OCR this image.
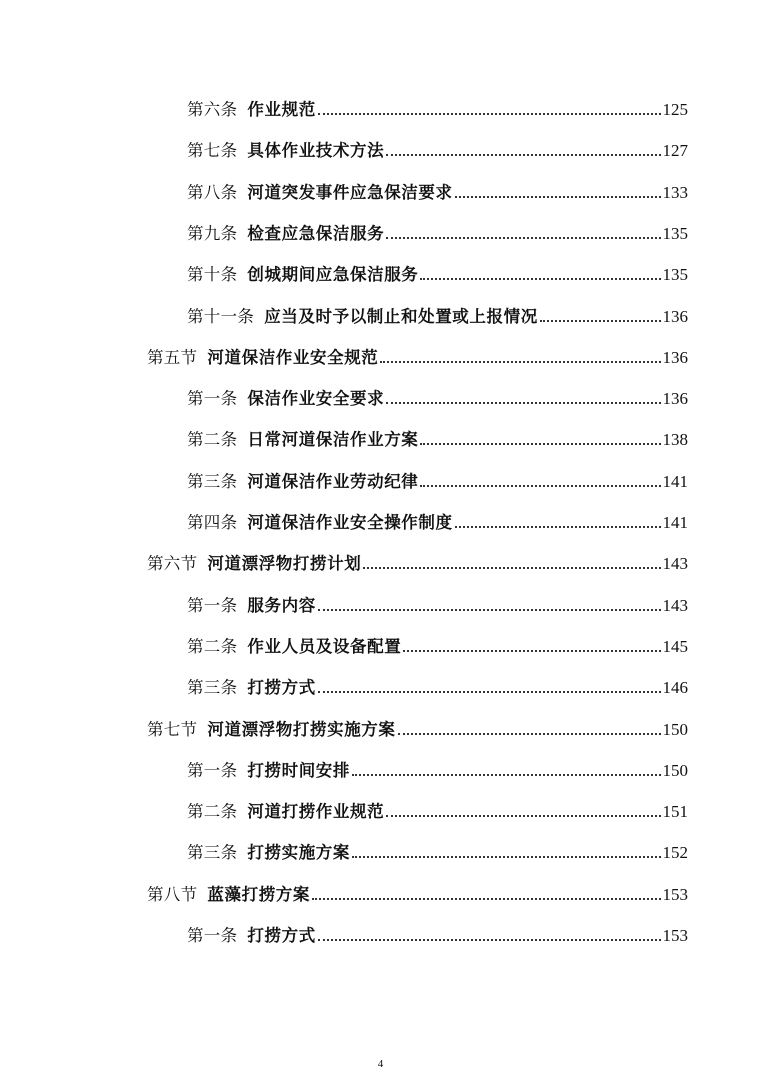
第六条 作业规范	125
第七条 具体作业技术方法	127
第八条 河道突发事件应急保洁要求	133
第九条 检查应急保洁服务	135
第十条 创城期间应急保洁服务	135
第十一条 应当及时予以制止和处置或上报情况	136
第五节 河道保洁作业安全规范	136
第一条 保洁作业安全要求	136
第二条 日常河道保洁作业方案	138
第三条 河道保洁作业劳动纪律	141
第四条 河道保洁作业安全操作制度	141
第六节 河道漂浮物打捞计划	143
第一条 服务内容	143
第二条 作业人员及设备配置	145
第三条 打捞方式	146
第七节 河道漂浮物打捞实施方案	150
第一条 打捞时间安排	150
第二条 河道打捞作业规范	151
第三条 打捞实施方案	152
第八节 蓝藻打捞方案	153
第一条 打捞方式	153
4
